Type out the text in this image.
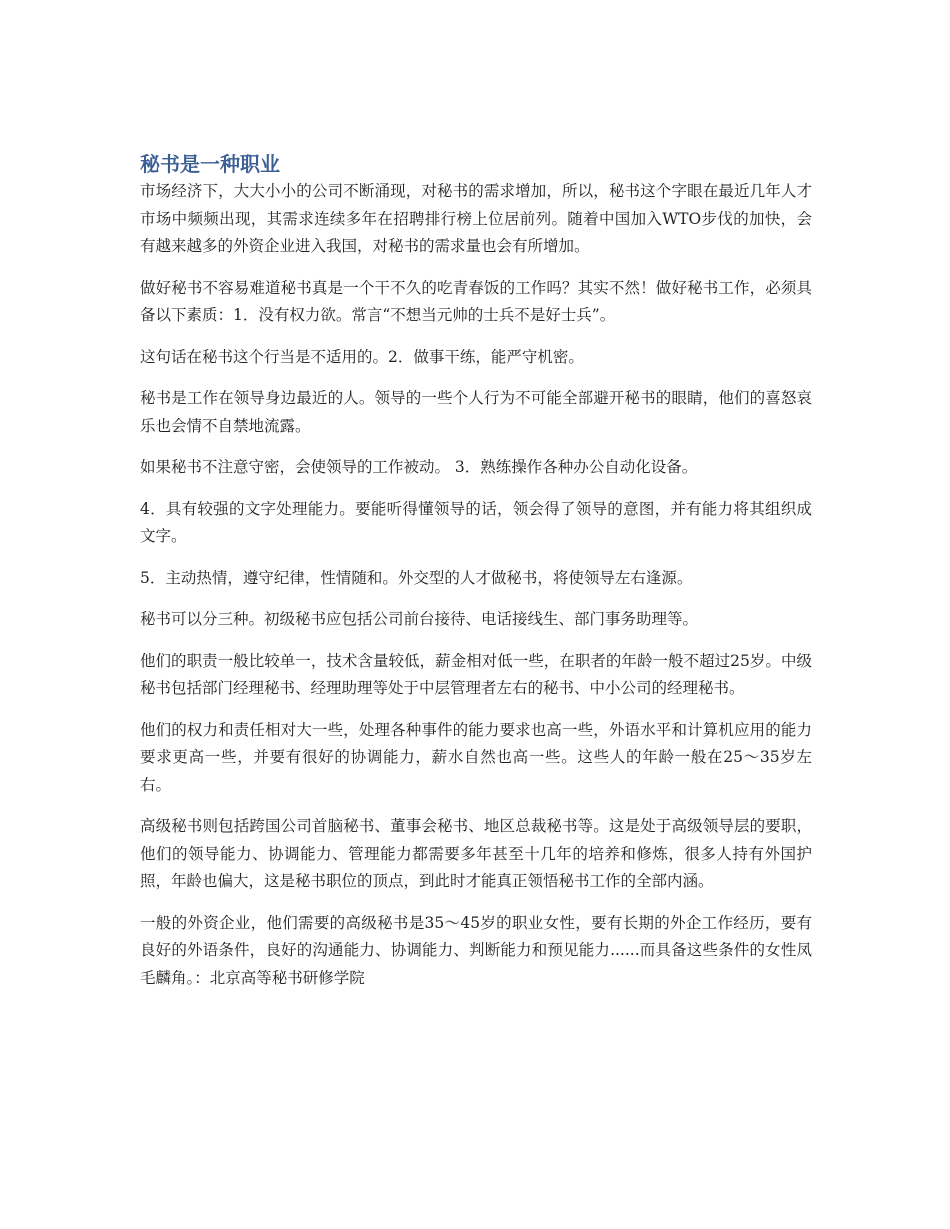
秘书是一种职业

市场经济下，大大小小的公司不断涌现，对秘书的需求增加，所以，秘书这个字眼在最近几年人才市场中频频出现，其需求连续多年在招聘排行榜上位居前列。随着中国加入WTO步伐的加快，会有越来越多的外资企业进入我国，对秘书的需求量也会有所增加。

做好秘书不容易难道秘书真是一个干不久的吃青春饭的工作吗？其实不然！做好秘书工作，必须具备以下素质：1．没有权力欲。常言“不想当元帅的士兵不是好士兵”。

这句话在秘书这个行当是不适用的。2．做事干练，能严守机密。

秘书是工作在领导身边最近的人。领导的一些个人行为不可能全部避开秘书的眼睛，他们的喜怒哀乐也会情不自禁地流露。

如果秘书不注意守密，会使领导的工作被动。 3．熟练操作各种办公自动化设备。

4．具有较强的文字处理能力。要能听得懂领导的话，领会得了领导的意图，并有能力将其组织成文字。

5．主动热情，遵守纪律，性情随和。外交型的人才做秘书，将使领导左右逢源。

秘书可以分三种。初级秘书应包括公司前台接待、电话接线生、部门事务助理等。

他们的职责一般比较单一，技术含量较低，薪金相对低一些，在职者的年龄一般不超过25岁。中级秘书包括部门经理秘书、经理助理等处于中层管理者左右的秘书、中小公司的经理秘书。

他们的权力和责任相对大一些，处理各种事件的能力要求也高一些，外语水平和计算机应用的能力要求更高一些，并要有很好的协调能力，薪水自然也高一些。这些人的年龄一般在25～35岁左右。

高级秘书则包括跨国公司首脑秘书、董事会秘书、地区总裁秘书等。这是处于高级领导层的要职，他们的领导能力、协调能力、管理能力都需要多年甚至十几年的培养和修炼，很多人持有外国护照，年龄也偏大，这是秘书职位的顶点，到此时才能真正领悟秘书工作的全部内涵。

一般的外资企业，他们需要的高级秘书是35～45岁的职业女性，要有长期的外企工作经历，要有良好的外语条件，良好的沟通能力、协调能力、判断能力和预见能力......而具备这些条件的女性凤毛麟角。：北京高等秘书研修学院
